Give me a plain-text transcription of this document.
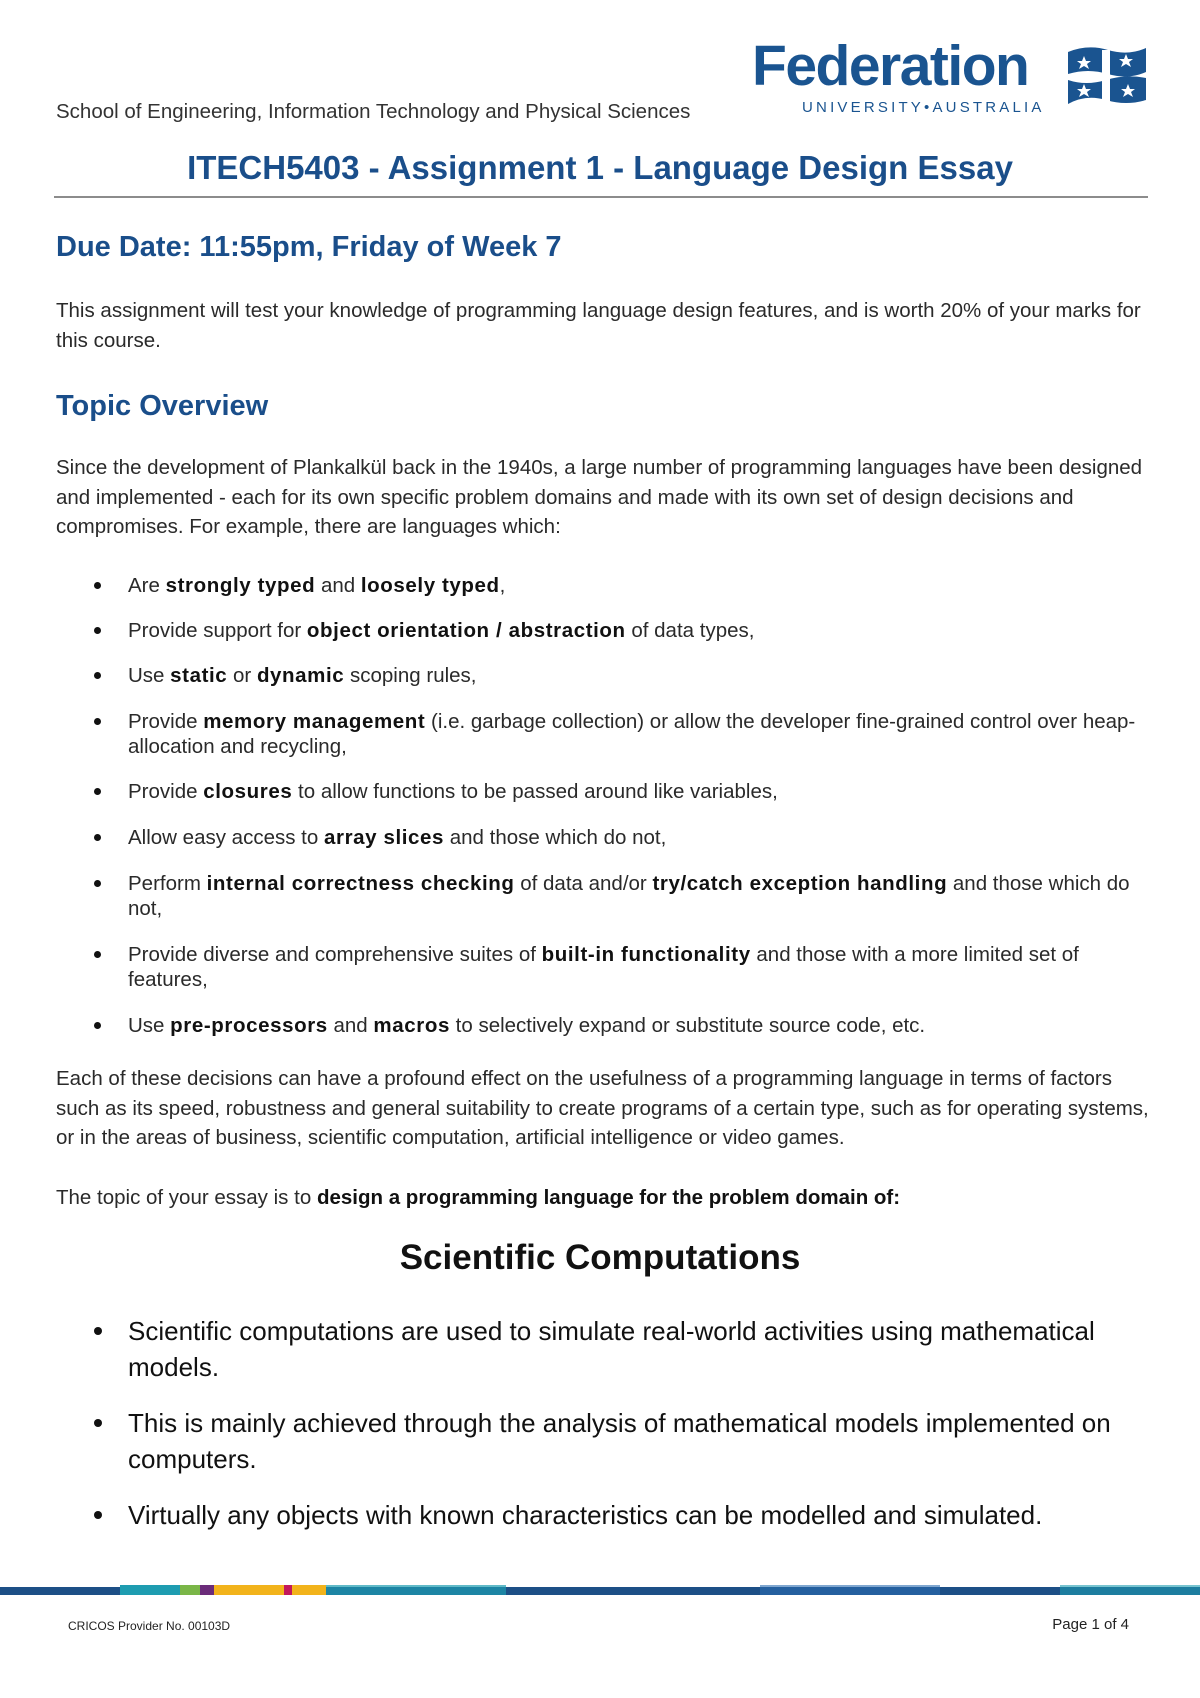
School of Engineering, Information Technology and Physical Sciences
Federation
UNIVERSITY•AUSTRALIA
ITECH5403 - Assignment 1 - Language Design Essay
Due Date: 11:55pm, Friday of Week 7
This assignment will test your knowledge of programming language design features, and is worth 20% of your marks for this course.
Topic Overview
Since the development of Plankalkül back in the 1940s, a large number of programming languages have been designed and implemented - each for its own specific problem domains and made with its own set of design decisions and compromises. For example, there are languages which:
Are strongly typed and loosely typed,
Provide support for object orientation / abstraction of data types,
Use static or dynamic scoping rules,
Provide memory management (i.e. garbage collection) or allow the developer fine-grained control over heap-allocation and recycling,
Provide closures to allow functions to be passed around like variables,
Allow easy access to array slices and those which do not,
Perform internal correctness checking of data and/or try/catch exception handling and those which do not,
Provide diverse and comprehensive suites of built-in functionality and those with a more limited set of features,
Use pre-processors and macros to selectively expand or substitute source code, etc.
Each of these decisions can have a profound effect on the usefulness of a programming language in terms of factors such as its speed, robustness and general suitability to create programs of a certain type, such as for operating systems, or in the areas of business, scientific computation, artificial intelligence or video games.
The topic of your essay is to design a programming language for the problem domain of:
Scientific Computations
Scientific computations are used to simulate real-world activities using mathematical models.
This is mainly achieved through the analysis of mathematical models implemented on computers.
Virtually any objects with known characteristics can be modelled and simulated.
CRICOS Provider No. 00103D	Page 1 of 4
